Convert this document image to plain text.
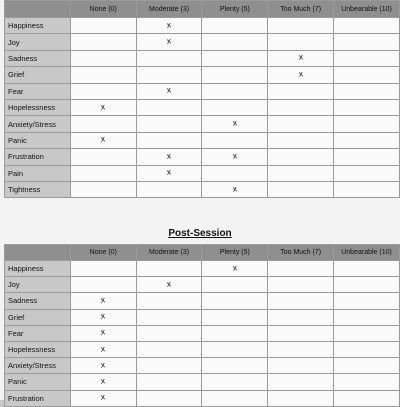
	None (0)	Moderate (3)	Plenty (5)	Too Much (7)	Unbearable (10)
Happiness		x			

Joy		x			

Sadness				x	

Grief				x	

Fear		x			

Hopelessness	x				

Anxiety/Stress			x		

Panic	x				

Frustration		x	x		

Pain		x			

Tightness			x		

Post-Session
	None (0)	Moderate (3)	Plenty (5)	Too Much (7)	Unbearable (10)
Happiness			x		

Joy		x			

Sadness	x				

Grief	x				

Fear	x				

Hopelessness	x				

Anxiety/Stress	x				

Panic	x				

Frustration	x				
